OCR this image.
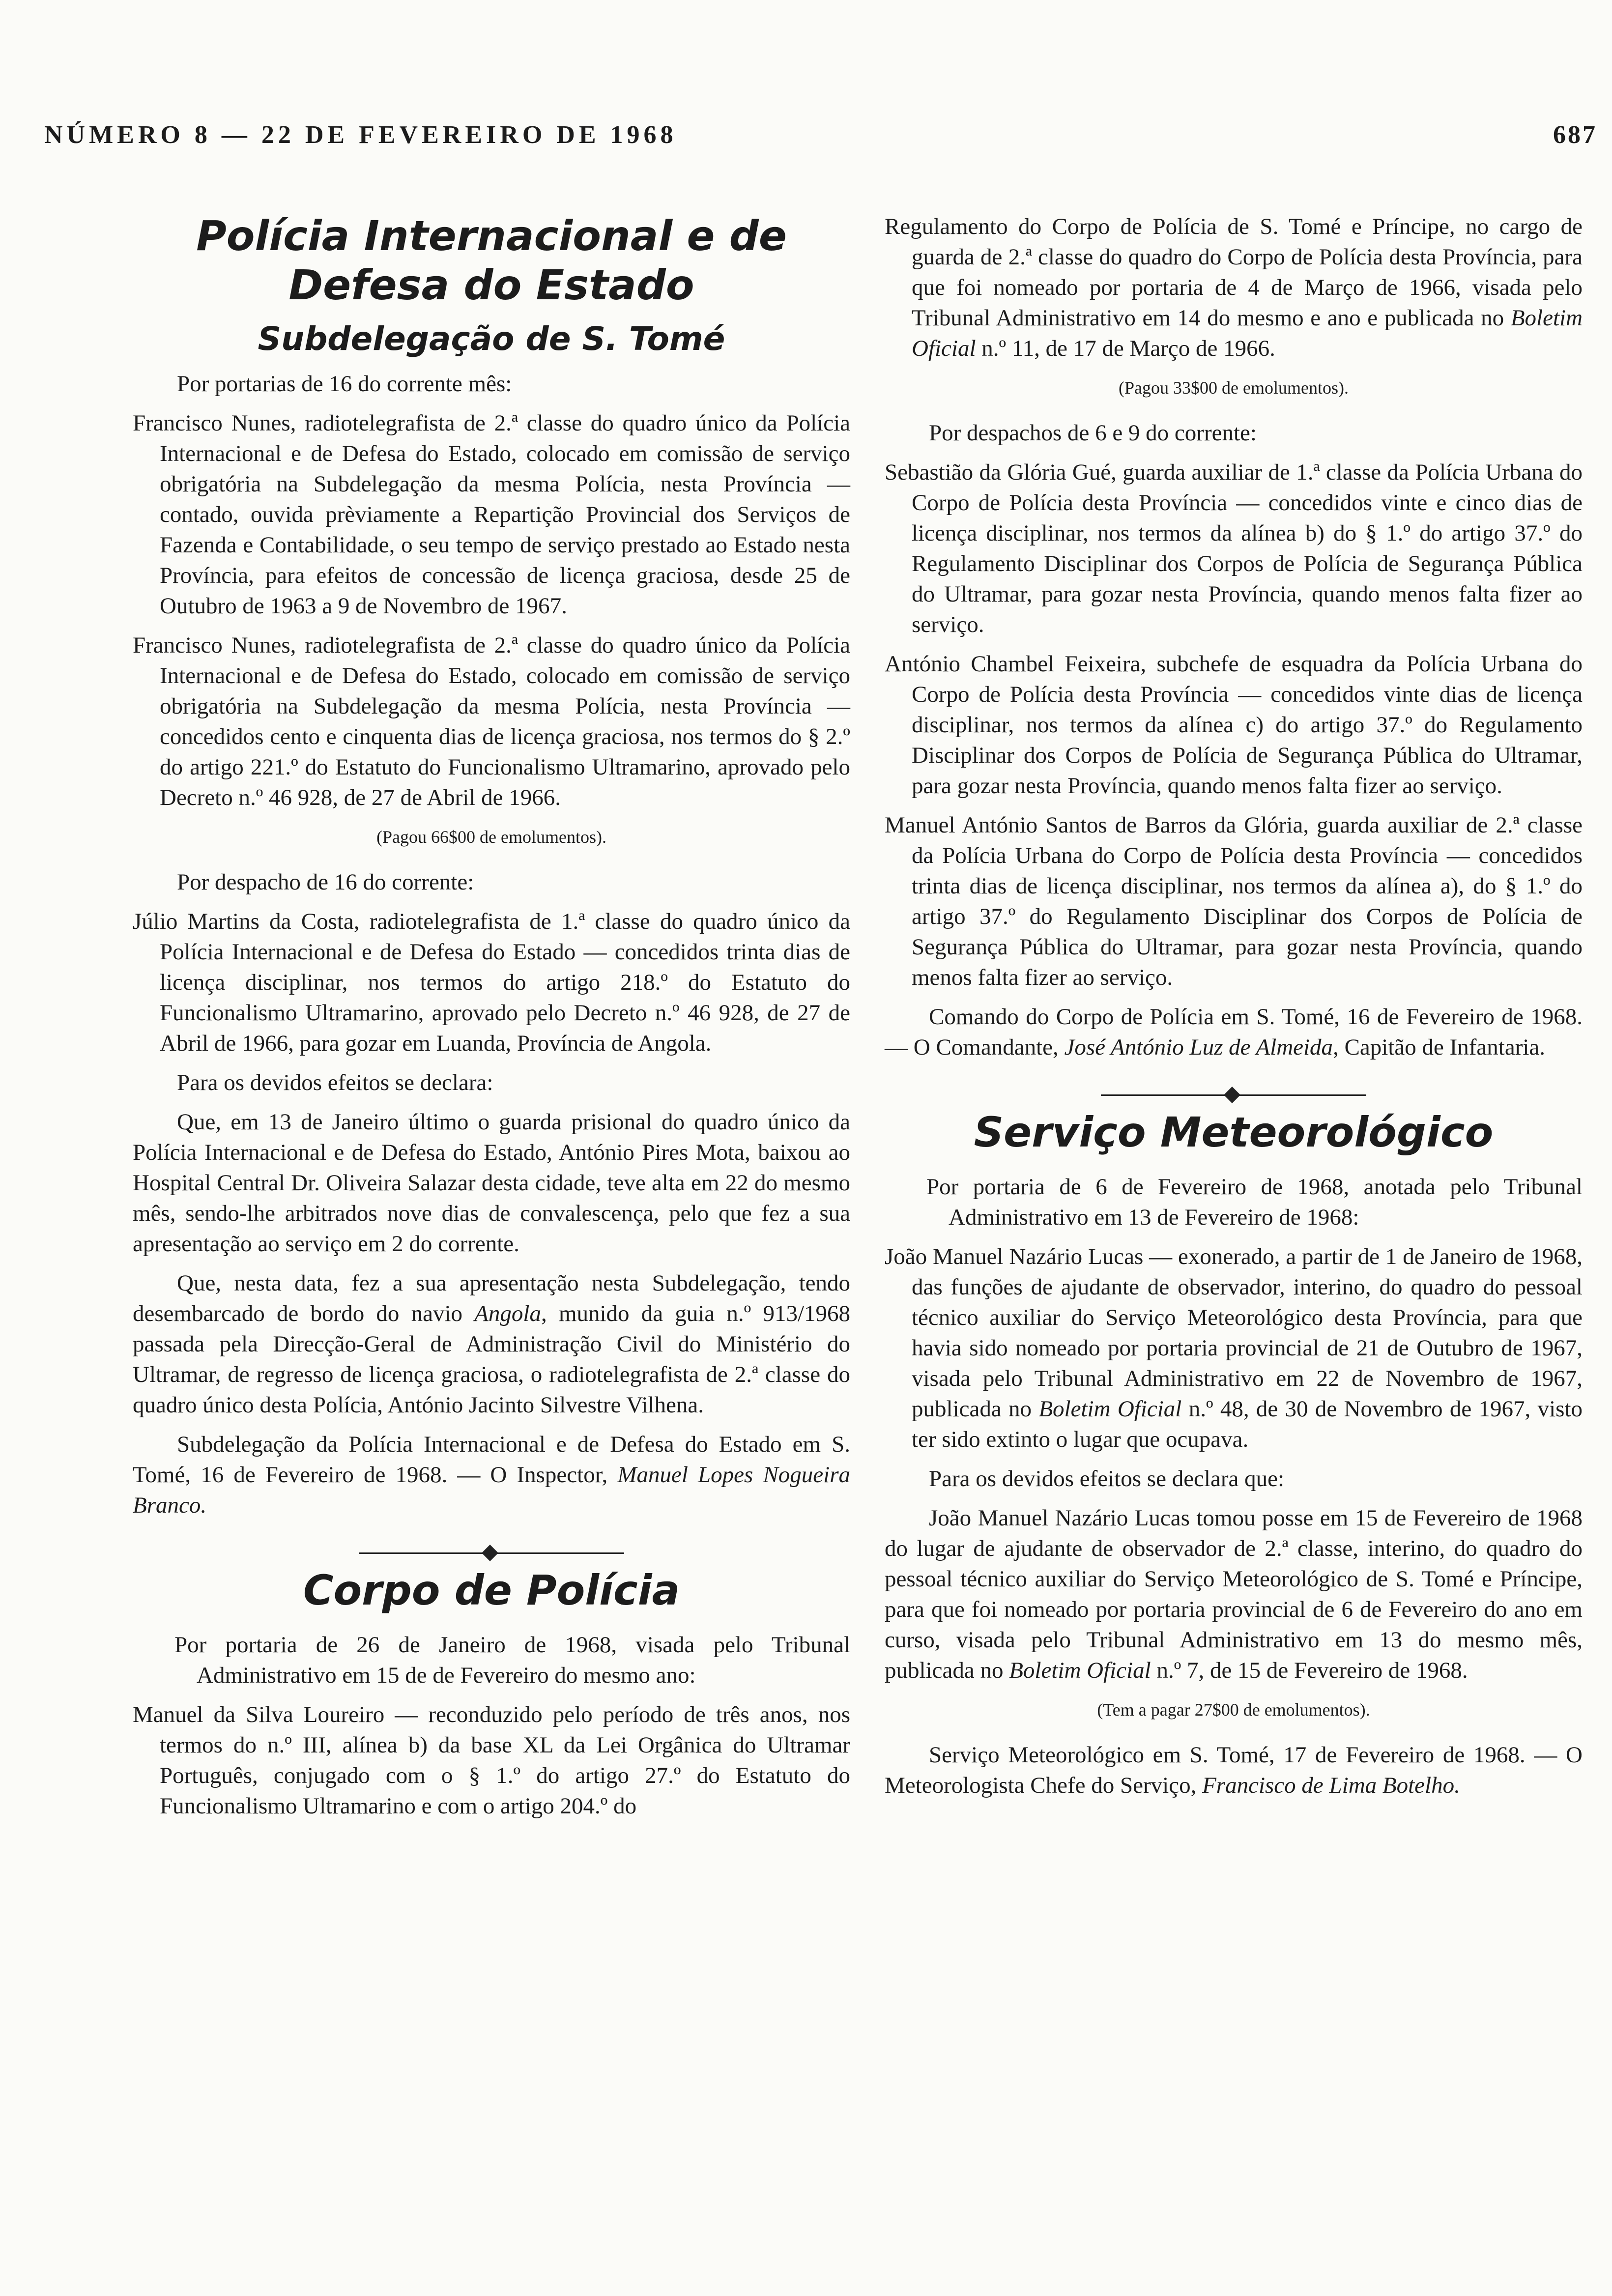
NÚMERO 8 — 22 DE FEVEREIRO DE 1968	687
Polícia Internacional e de Defesa do Estado
Subdelegação de S. Tomé

Por portarias de 16 do corrente mês:

Francisco Nunes, radiotelegrafista de 2.ª classe do quadro único da Polícia Internacional e de Defesa do Estado, colocado em comissão de serviço obrigatória na Subdelegação da mesma Polícia, nesta Província — contado, ouvida prèviamente a Repartição Provincial dos Serviços de Fazenda e Contabilidade, o seu tempo de serviço prestado ao Estado nesta Província, para efeitos de concessão de licença graciosa, desde 25 de Outubro de 1963 a 9 de Novembro de 1967.

Francisco Nunes, radiotelegrafista de 2.ª classe do quadro único da Polícia Internacional e de Defesa do Estado, colocado em comissão de serviço obrigatória na Subdelegação da mesma Polícia, nesta Província — concedidos cento e cinquenta dias de licença graciosa, nos termos do § 2.º do artigo 221.º do Estatuto do Funcionalismo Ultramarino, aprovado pelo Decreto n.º 46 928, de 27 de Abril de 1966.

(Pagou 66$00 de emolumentos).

Por despacho de 16 do corrente:

Júlio Martins da Costa, radiotelegrafista de 1.ª classe do quadro único da Polícia Internacional e de Defesa do Estado — concedidos trinta dias de licença disciplinar, nos termos do artigo 218.º do Estatuto do Funcionalismo Ultramarino, aprovado pelo Decreto n.º 46 928, de 27 de Abril de 1966, para gozar em Luanda, Província de Angola.

Para os devidos efeitos se declara:

Que, em 13 de Janeiro último o guarda prisional do quadro único da Polícia Internacional e de Defesa do Estado, António Pires Mota, baixou ao Hospital Central Dr. Oliveira Salazar desta cidade, teve alta em 22 do mesmo mês, sendo-lhe arbitrados nove dias de convalescença, pelo que fez a sua apresentação ao serviço em 2 do corrente.

Que, nesta data, fez a sua apresentação nesta Subdelegação, tendo desembarcado de bordo do navio Angola, munido da guia n.º 913/1968 passada pela Direcção-Geral de Administração Civil do Ministério do Ultramar, de regresso de licença graciosa, o radiotelegrafista de 2.ª classe do quadro único desta Polícia, António Jacinto Silvestre Vilhena.

Subdelegação da Polícia Internacional e de Defesa do Estado em S. Tomé, 16 de Fevereiro de 1968. — O Inspector, Manuel Lopes Nogueira Branco.

Corpo de Polícia

Por portaria de 26 de Janeiro de 1968, visada pelo Tribunal Administrativo em 15 de de Fevereiro do mesmo ano:

Manuel da Silva Loureiro — reconduzido pelo período de três anos, nos termos do n.º III, alínea b) da base XL da Lei Orgânica do Ultramar Português, conjugado com o § 1.º do artigo 27.º do Estatuto do Funcionalismo Ultramarino e com o artigo 204.º do

Regulamento do Corpo de Polícia de S. Tomé e Príncipe, no cargo de guarda de 2.ª classe do quadro do Corpo de Polícia desta Província, para que foi nomeado por portaria de 4 de Março de 1966, visada pelo Tribunal Administrativo em 14 do mesmo e ano e publicada no Boletim Oficial n.º 11, de 17 de Março de 1966.

(Pagou 33$00 de emolumentos).

Por despachos de 6 e 9 do corrente:

Sebastião da Glória Gué, guarda auxiliar de 1.ª classe da Polícia Urbana do Corpo de Polícia desta Província — concedidos vinte e cinco dias de licença disciplinar, nos termos da alínea b) do § 1.º do artigo 37.º do Regulamento Disciplinar dos Corpos de Polícia de Segurança Pública do Ultramar, para gozar nesta Província, quando menos falta fizer ao serviço.

António Chambel Feixeira, subchefe de esquadra da Polícia Urbana do Corpo de Polícia desta Província — concedidos vinte dias de licença disciplinar, nos termos da alínea c) do artigo 37.º do Regulamento Disciplinar dos Corpos de Polícia de Segurança Pública do Ultramar, para gozar nesta Província, quando menos falta fizer ao serviço.

Manuel António Santos de Barros da Glória, guarda auxiliar de 2.ª classe da Polícia Urbana do Corpo de Polícia desta Província — concedidos trinta dias de licença disciplinar, nos termos da alínea a), do § 1.º do artigo 37.º do Regulamento Disciplinar dos Corpos de Polícia de Segurança Pública do Ultramar, para gozar nesta Província, quando menos falta fizer ao serviço.

Comando do Corpo de Polícia em S. Tomé, 16 de Fevereiro de 1968. — O Comandante, José António Luz de Almeida, Capitão de Infantaria.

Serviço Meteorológico

Por portaria de 6 de Fevereiro de 1968, anotada pelo Tribunal Administrativo em 13 de Fevereiro de 1968:

João Manuel Nazário Lucas — exonerado, a partir de 1 de Janeiro de 1968, das funções de ajudante de observador, interino, do quadro do pessoal técnico auxiliar do Serviço Meteorológico desta Província, para que havia sido nomeado por portaria provincial de 21 de Outubro de 1967, visada pelo Tribunal Administrativo em 22 de Novembro de 1967, publicada no Boletim Oficial n.º 48, de 30 de Novembro de 1967, visto ter sido extinto o lugar que ocupava.

Para os devidos efeitos se declara que:

João Manuel Nazário Lucas tomou posse em 15 de Fevereiro de 1968 do lugar de ajudante de observador de 2.ª classe, interino, do quadro do pessoal técnico auxiliar do Serviço Meteorológico de S. Tomé e Príncipe, para que foi nomeado por portaria provincial de 6 de Fevereiro do ano em curso, visada pelo Tribunal Administrativo em 13 do mesmo mês, publicada no Boletim Oficial n.º 7, de 15 de Fevereiro de 1968.

(Tem a pagar 27$00 de emolumentos).

Serviço Meteorológico em S. Tomé, 17 de Fevereiro de 1968. — O Meteorologista Chefe do Serviço, Francisco de Lima Botelho.
